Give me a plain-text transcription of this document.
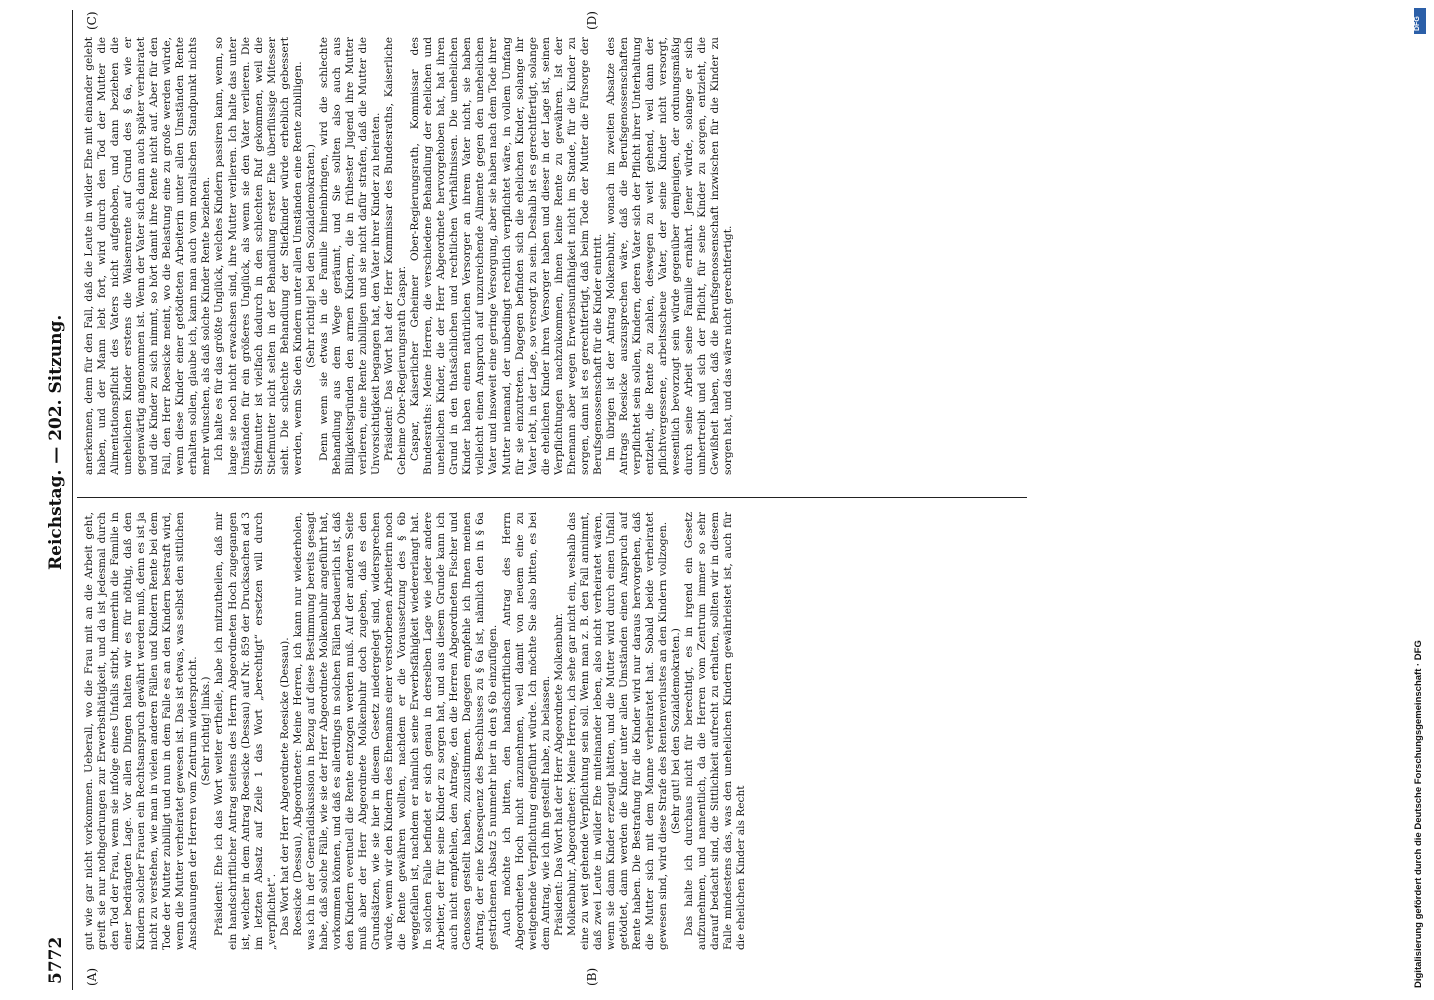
5772
Reichstag. — 202. Sitzung.
(A)	(B)

gut wie gar nicht vorkommen. Ueberall, wo die Frau mit an die Arbeit geht, greift sie nur nothgedrungen zur Erwerbsthätigkeit, und da ist jedesmal durch den Tod der Frau, wenn sie infolge eines Unfalls stirbt, immerhin die Familie in einer bedrängten Lage. Vor allen Dingen halten wir es für nöthig, daß den Kindern solcher Frauen ein Rechtsanspruch gewährt werden muß, denn es ist ja nicht zu verstehen, wie man in vielen anderen Fällen und Kindern Rente bei dem Tode der Mutter zubilligt und nun in dem Falle es an den Kindern bestraft wird, wenn die Mutter verheiratet gewesen ist. Das ist etwas, was selbst den sittlichen Anschauungen der Herren vom Zentrum widerspricht. (Sehr richtig! links.) Präsident: Ehe ich das Wort weiter ertheile, habe ich mitzutheilen, daß mir ein handschriftlicher Antrag seitens des Herrn Abgeordneten Hoch zugegangen ist, welcher in dem Antrag Roesicke (Dessau) auf Nr. 859 der Drucksachen ad 3 im letzten Absatz auf Zeile 1 das Wort „berechtigt“ ersetzen will durch „verpflichtet“. Das Wort hat der Herr Abgeordnete Roesicke (Dessau). Roesicke (Dessau), Abgeordneter: Meine Herren, ich kann nur wiederholen, was ich in der Generaldiskussion in Bezug auf diese Bestimmung bereits gesagt habe, daß solche Fälle, wie sie der Herr Abgeordnete Molkenbuhr angeführt hat, vorkommen können, und daß es allerdings in solchen Fällen bedauerlich ist, daß den Kindern eventuell die Rente entzogen werden muß. Auf der anderen Seite muß aber der Herr Abgeordnete Molkenbuhr doch zugeben, daß es den Grundsätzen, wie sie hier in diesem Gesetz niedergelegt sind, widersprechen würde, wenn wir den Kindern des Ehemanns einer verstorbenen Arbeiterin noch die Rente gewähren wollten, nachdem er die Voraussetzung des § 6b weggefallen ist, nachdem er nämlich seine Erwerbsfähigkeit wiedererlangt hat. In solchen Falle befindet er sich genau in derselben Lage wie jeder andere Arbeiter, der für seine Kinder zu sorgen hat, und aus diesem Grunde kann ich auch nicht empfehlen, den Antrage, den die Herren Abgeordneten Fischer und Genossen gestellt haben, zuzustimmen. Dagegen empfehle ich Ihnen meinen Antrag, der eine Konsequenz des Beschlusses zu § 6a ist, nämlich den in § 6a gestrichenen Absatz 5 nunmehr hier in den § 6b einzufügen. Auch möchte ich bitten, den handschriftlichen Antrag des Herrn Abgeordneten Hoch nicht anzunehmen, weil damit von neuem eine zu weitgehende Verpflichtung eingeführt würde. Ich möchte Sie also bitten, es bei dem Antrag, wie ich ihn gestellt habe, zu belassen. Präsident: Das Wort hat der Herr Abgeordnete Molkenbuhr. Molkenbuhr, Abgeordneter: Meine Herren, ich sehe gar nicht ein, weshalb das eine zu weit gehende Verpflichtung sein soll. Wenn man z. B. den Fall annimmt, daß zwei Leute in wilder Ehe miteinander leben, also nicht verheiratet wären, wenn sie dann Kinder erzeugt hätten, und die Mutter wird durch einen Unfall getödtet, dann werden die Kinder unter allen Umständen einen Anspruch auf Rente haben. Die Bestrafung für die Kinder wird nur daraus hervorgehen, daß die Mutter sich mit dem Manne verheiratet hat. Sobald beide verheiratet gewesen sind, wird diese Strafe des Rentenverlustes an den Kindern vollzogen. (Sehr gut! bei den Sozialdemokraten.) Das halte ich durchaus nicht für berechtigt, es in irgend ein Gesetz aufzunehmen, und namentlich, da die Herren vom Zentrum immer so sehr darauf bedacht sind, die Sittlichkeit aufrecht zu erhalten, sollten wir in diesem Falle mindestens das, was den unehelichen Kindern gewährleistet ist, auch für die ehelichen Kinder als Recht

anerkennen, denn für den Fall, daß die Leute in wilder Ehe mit einander gelebt haben, und der Mann lebt fort, wird durch den Tod der Mutter die Alimentationspflicht des Vaters nicht aufgehoben, und dann beziehen die unehelichen Kinder erstens die Waisenrente auf Grund des § 6a, wie er gegenwärtig angenommen ist. Wenn der Vater sich dann auch später verheiratet und die Kinder zu sich nimmt, so hört damit ihre Rente nicht auf. Aber für den Fall, den Herr Roesicke meint, wo die Belastung eine zu große werden würde, wenn diese Kinder einer getödteten Arbeiterin unter allen Umständen Rente erhalten sollen, glaube ich, kann man auch vom moralischen Standpunkt nichts mehr wünschen, als daß solche Kinder Rente beziehen. Ich halte es für das größte Unglück, welches Kindern passiren kann, wenn, so lange sie noch nicht erwachsen sind, ihre Mutter verlieren. Ich halte das unter Umständen für ein größeres Unglück, als wenn sie den Vater verlieren. Die Stiefmutter ist vielfach dadurch in den schlechten Ruf gekommen, weil die Stiefmutter nicht selten in der Behandlung erster Ehe überflüssige Mitesser sieht. Die schlechte Behandlung der Stiefkinder würde erheblich gebessert werden, wenn Sie den Kindern unter allen Umständen eine Rente zubilligen. (Sehr richtig! bei den Sozialdemokraten.) Denn wenn sie etwas in die Familie hineinbringen, wird die schlechte Behandlung aus dem Wege geräumt, und Sie sollten also auch aus Billigkeitsgründen den armen Kindern, die in frühester Jugend ihre Mutter verlieren, eine Rente zubilligen und sie nicht dafür strafen, daß die Mutter die Unvorsichtigkeit begangen hat, den Vater ihrer Kinder zu heiraten. Präsident: Das Wort hat der Herr Kommissar des Bundesraths, Kaiserliche Geheime Ober-Regierungsrath Caspar. Caspar, Kaiserlicher Geheimer Ober-Regierungsrath, Kommissar des Bundesraths: Meine Herren, die verschiedene Behandlung der ehelichen und unehelichen Kinder, die der Herr Abgeordnete hervorgehoben hat, hat ihren Grund in den thatsächlichen und rechtlichen Verhältnissen. Die unehelichen Kinder haben einen natürlichen Versorger an ihrem Vater nicht, sie haben vielleicht einen Anspruch auf unzureichende Alimente gegen den unehelichen Vater und insoweit eine geringe Versorgung, aber sie haben nach dem Tode ihrer Mutter niemand, der unbedingt rechtlich verpflichtet wäre, in vollem Umfang für sie einzutreten. Dagegen befinden sich die ehelichen Kinder, solange ihr Vater lebt, in der Lage, so versorgt zu sein. Deshalb ist es gerechtfertigt, solange die ehelichen Kinder ihren Versorger haben und dieser in der Lage ist, seinen Verpflichtungen nachzukommen, ihnen keine Rente zu gewähren. Ist der Ehemann aber wegen Erwerbsunfähigkeit nicht im Stande, für die Kinder zu sorgen, dann ist es gerechtfertigt, daß beim Tode der Mutter die Fürsorge der Berufsgenossenschaft für die Kinder eintritt. Im übrigen ist der Antrag Molkenbuhr, wonach im zweiten Absatze des Antrags Roesicke auszusprechen wäre, daß die Berufsgenossenschaften verpflichtet sein sollen, Kindern, deren Vater sich der Pflicht ihrer Unterhaltung entzieht, die Rente zu zahlen, deswegen zu weit gehend, weil dann der pflichtvergessene, arbeitsscheue Vater, der seine Kinder nicht versorgt, wesentlich bevorzugt sein würde gegenüber demjenigen, der ordnungsmäßig durch seine Arbeit seine Familie ernährt. Jener würde, solange er sich umhertreibt und sich der Pflicht, für seine Kinder zu sorgen, entzieht, die Gewißheit haben, daß die Berufsgenossenschaft inzwischen für die Kinder zu sorgen hat, und das wäre nicht gerechtfertigt.

(C)	(D)	DFG
Digitalisierung gefördert durch die Deutsche Forschungsgemeinschaft · DFG
